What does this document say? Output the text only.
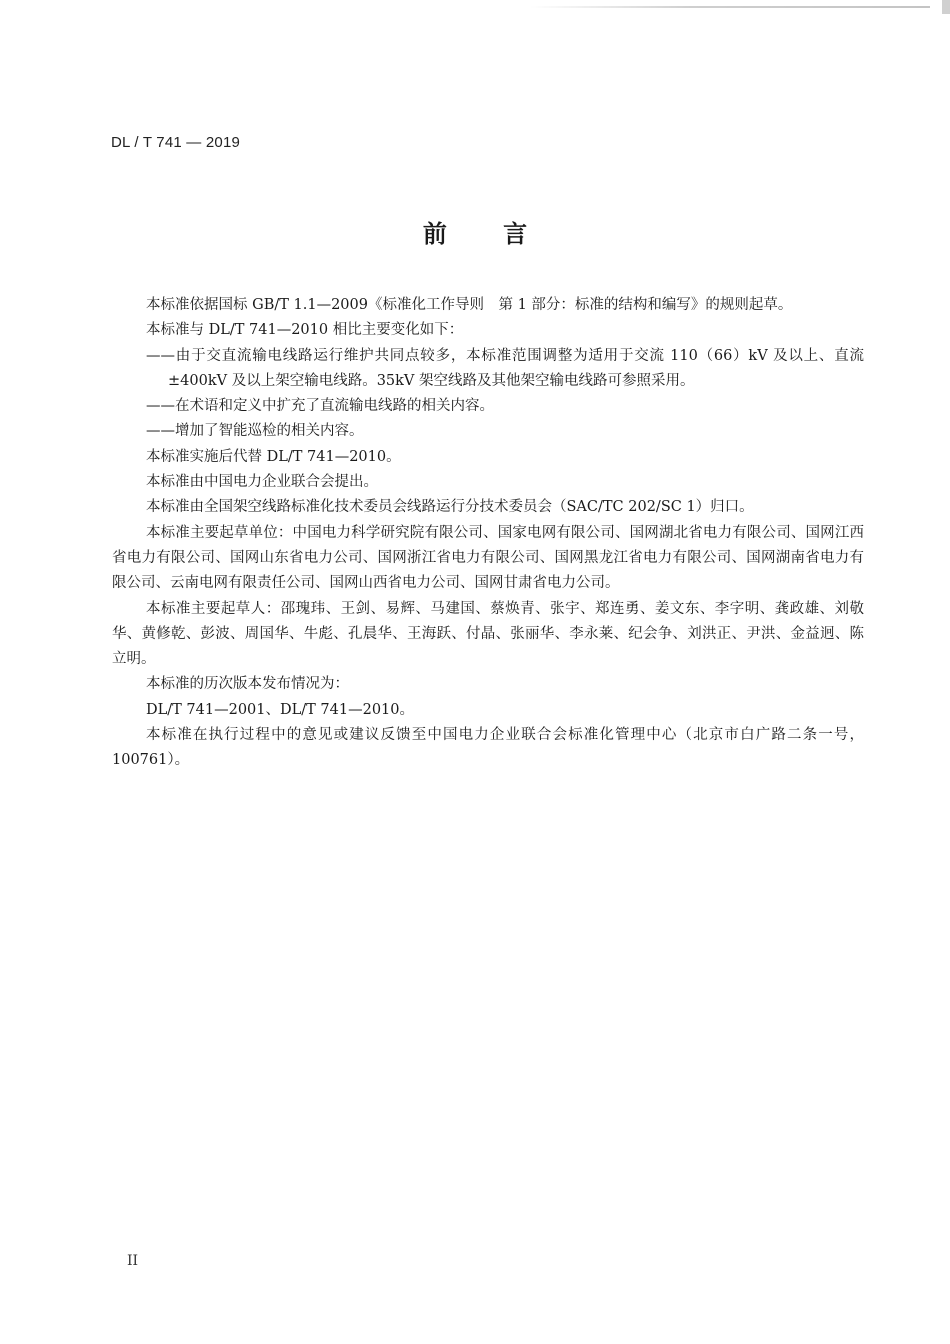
DL / T 741 — 2019
前 言

本标准依据国标 GB/T 1.1—2009《标准化工作导则　第 1 部分：标准的结构和编写》的规则起草。

本标准与 DL/T 741—2010 相比主要变化如下：

——由于交直流输电线路运行维护共同点较多，本标准范围调整为适用于交流 110（66）kV 及以上、直流±400kV 及以上架空输电线路。35kV 架空线路及其他架空输电线路可参照采用。

——在术语和定义中扩充了直流输电线路的相关内容。

——增加了智能巡检的相关内容。

本标准实施后代替 DL/T 741—2010。

本标准由中国电力企业联合会提出。

本标准由全国架空线路标准化技术委员会线路运行分技术委员会（SAC/TC 202/SC 1）归口。

本标准主要起草单位：中国电力科学研究院有限公司、国家电网有限公司、国网湖北省电力有限公司、国网江西省电力有限公司、国网山东省电力公司、国网浙江省电力有限公司、国网黑龙江省电力有限公司、国网湖南省电力有限公司、云南电网有限责任公司、国网山西省电力公司、国网甘肃省电力公司。

本标准主要起草人：邵瑰玮、王剑、易辉、马建国、蔡焕青、张宇、郑连勇、姜文东、李字明、龚政雄、刘敬华、黄修乾、彭波、周国华、牛彪、孔晨华、王海跃、付晶、张丽华、李永莱、纪会争、刘洪正、尹洪、金益迥、陈立明。

本标准的历次版本发布情况为：

DL/T 741—2001、DL/T 741—2010。

本标准在执行过程中的意见或建议反馈至中国电力企业联合会标准化管理中心（北京市白广路二条一号，100761）。

II
